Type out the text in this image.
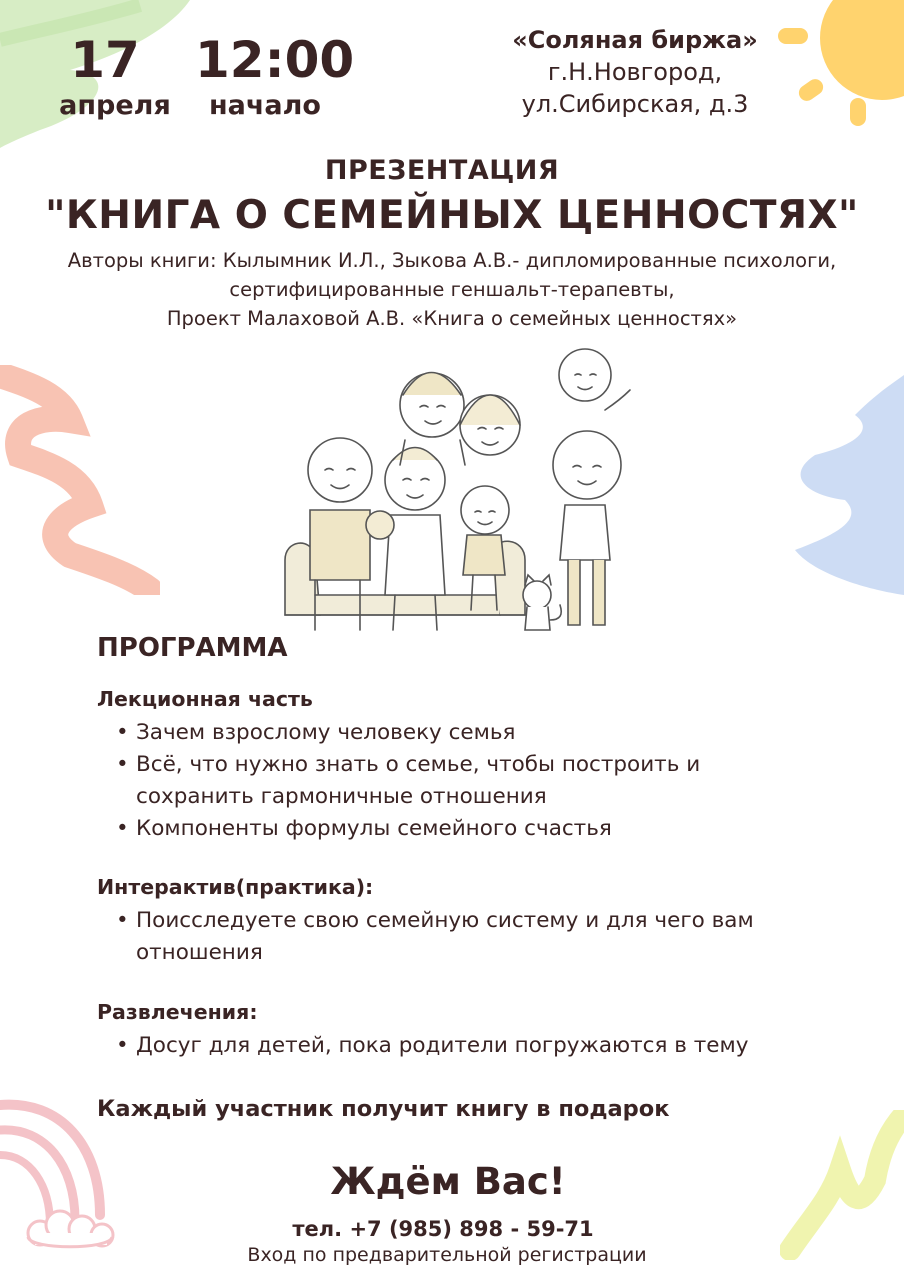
17
апреля
12:00
начало
«Соляная биржа»
г.Н.Новгород,
ул.Сибирская, д.3
ПРЕЗЕНТАЦИЯ
"КНИГА О СЕМЕЙНЫХ ЦЕННОСТЯХ"
Авторы книги: Кылымник И.Л., Зыкова А.В.- дипломированные психологи,
сертифицированные геншальт-терапевты,
Проект Малаховой А.В. «Книга о семейных ценностях»
ПРОГРАММА
Лекционная часть
• Зачем взрослому человеку семья
• Всё, что нужно знать о семье, чтобы построить и сохранить гармоничные отношения
• Компоненты формулы семейного счастья
Интерактив(практика):
• Поисследуете свою семейную систему и для чего вам отношения
Развлечения:
• Досуг для детей, пока родители погружаются в тему
Каждый участник получит книгу в подарок
Ждём Вас!
тел. +7 (985) 898 - 59-71
Вход по предварительной регистрации
